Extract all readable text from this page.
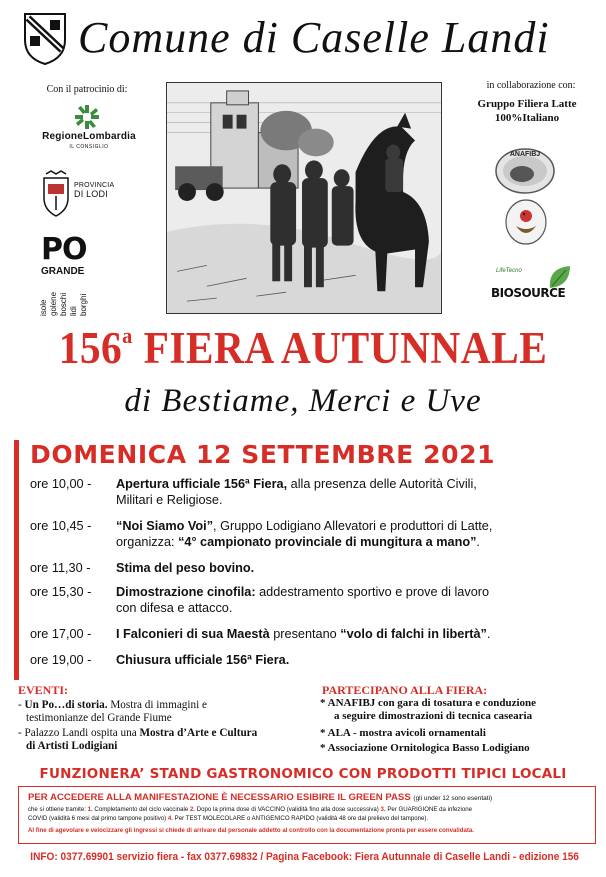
Comune di Caselle Landi
Con il patrocinio di:
RegioneLombardia
IL CONSIGLIO
PROVINCIA
DI LODI
PO
GRANDE
isole golene boschi lidi borghi
in collaborazione con:
Gruppo Filiera Latte
100%Italiano
ANAFIBJ
LifeTecno
BIOSOURCE
156$^a$ FIERA AUTUNNALE
di Bestiame, Merci e Uve
DOMENICA 12 SETTEMBRE 2021
ore 10,00 - Apertura ufficiale 156ª Fiera, alla presenza delle Autorità Civili,
Militari e Religiose.
ore 10,45 - “Noi Siamo Voi”, Gruppo Lodigiano Allevatori e produttori di Latte,
organizza: “4° campionato provinciale di mungitura a mano”.
ore 11,30 - Stima del peso bovino.
ore 15,30 - Dimostrazione cinofila: addestramento sportivo e prove di lavoro
con difesa e attacco.
ore 17,00 - I Falconieri di sua Maestà presentano “volo di falchi in libertà”.
ore 19,00 - Chiusura ufficiale 156ª Fiera.
EVENTI:
- Un Po…di storia. Mostra di immagini e
testimonianze del Grande Fiume
- Palazzo Landi ospita una Mostra d’Arte e Cultura
di Artisti Lodigiani
PARTECIPANO ALLA FIERA:
* ANAFIBJ con gara di tosatura e conduzione
a seguire dimostrazioni di tecnica casearia
* ALA - mostra avicoli ornamentali
* Associazione Ornitologica Basso Lodigiano
FUNZIONERA’ STAND GASTRONOMICO CON PRODOTTI TIPICI LOCALI
PER ACCEDERE ALLA MANIFESTAZIONE È NECESSARIO ESIBIRE IL GREEN PASS (gli under 12 sono esentati)
che si ottiene tramite: 1. Completamento del ciclo vaccinale 2. Dopo la prima dose di VACCINO (validità fino alla dose successiva) 3. Per GUARIGIONE da infezione
COVID (validità 6 mesi dal primo tampone positivo) 4. Per TEST MOLECOLARE o ANTIGENICO RAPIDO (validità 48 ore dal prelievo del tampone).
Al fine di agevolare e velocizzare gli ingressi si chiede di arrivare dal personale addetto al controllo con la documentazione pronta per essere convalidata.
INFO: 0377.69901 servizio fiera - fax 0377.69832 / Pagina Facebook: Fiera Autunnale di Caselle Landi - edizione 156
